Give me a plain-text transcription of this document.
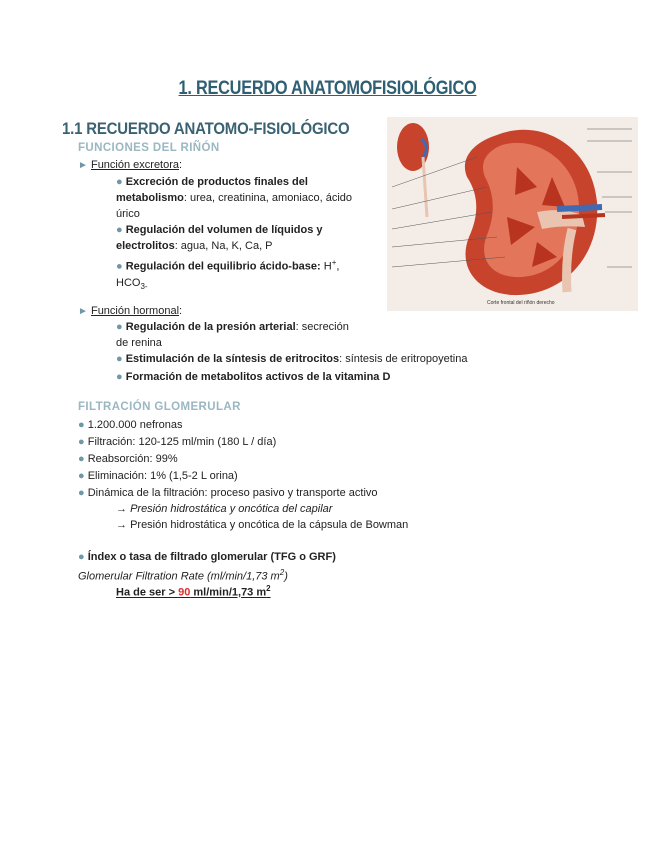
1. RECUERDO ANATOMOFISIOLÓGICO
1.1 RECUERDO ANATOMO-FISIOLÓGICO
FUNCIONES DEL RIÑÓN
► Función excretora:
● Excreción de productos finales del
metabolismo: urea, creatinina, amoniaco, ácido
úrico
● Regulación del volumen de líquidos y
electrolitos: agua, Na, K, Ca, P
● Regulación del equilibrio ácido-base: H+,
$HCO_{3-}$
► Función hormonal:
● Regulación de la presión arterial: secreción
de renina
● Estimulación de la síntesis de eritrocitos: síntesis de eritropoyetina
● Formación de metabolitos activos de la vitamina D
FILTRACIÓN GLOMERULAR
● 1.200.000 nefronas
● Filtración: 120-125 ml/min (180 L / día)
● Reabsorción: 99%
● Eliminación: 1% (1,5-2 L orina)
● Dinámica de la filtración: proceso pasivo y transporte activo
→ Presión hidrostática y oncótica del capilar
→ Presión hidrostática y oncótica de la cápsula de Bowman
● Índex o tasa de filtrado glomerular (TFG o GRF)
Glomerular Filtration Rate (ml/min/1,73 $m^2$)
Ha de ser > 90 ml/min/1,73 $m^2$
Corte frontal del riñón derecho
